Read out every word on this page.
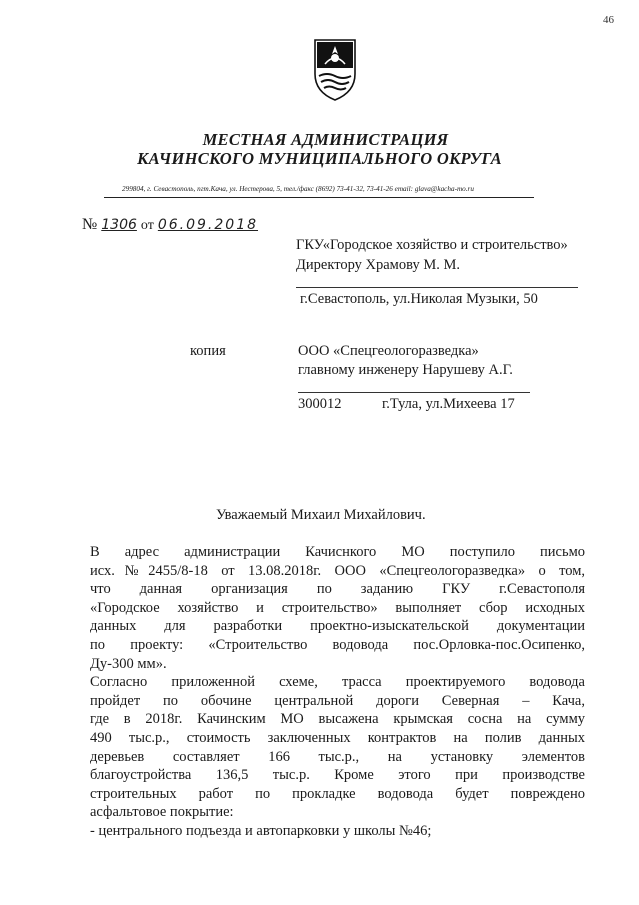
46
МЕСТНАЯ АДМИНИСТРАЦИЯ
КАЧИНСКОГО МУНИЦИПАЛЬНОГО ОКРУГА
299804, г. Севастополь, пгт.Кача, ул. Нестерова, 5, тел./факс (8692) 73-41-32, 73-41-26 email: glava@kacha-mo.ru
№ 1306 от 06.09.2018
ГКУ«Городское хозяйство и строительство»
Директору Храмову М. М.
г.Севастополь, ул.Николая Музыки, 50
копия	ООО «Спецгеологоразведка»
главному инженеру Нарушеву А.Г.
300012	г.Тула, ул.Михеева 17
Уважаемый Михаил Михайлович.

В адрес администрации Качиснкого МО поступило письмо

исх.№2455/8-18 от 13.08.2018г. ООО «Спецгеологоразведка» о том,

что данная организация по заданию ГКУ г.Севастополя

«Городское хозяйство и строительство» выполняет сбор исходных

данных для разработки проектно-изыскательской документации

по проекту: «Строительство водовода пос.Орловка-пос.Осипенко,

Ду-300 мм».

Согласно приложенной схеме, трасса проектируемого водовода

пройдет по обочине центральной дороги Северная – Кача,

где в 2018г. Качинским МО высажена крымская сосна на сумму

490 тыс.р., стоимость заключенных контрактов на полив данных

деревьев составляет 166 тыс.р., на установку элементов

благоустройства 136,5 тыс.р. Кроме этого при производстве

строительных работ по прокладке водовода будет повреждено

асфальтовое покрытие:

- центрального подъезда и автопарковки у школы №46;
